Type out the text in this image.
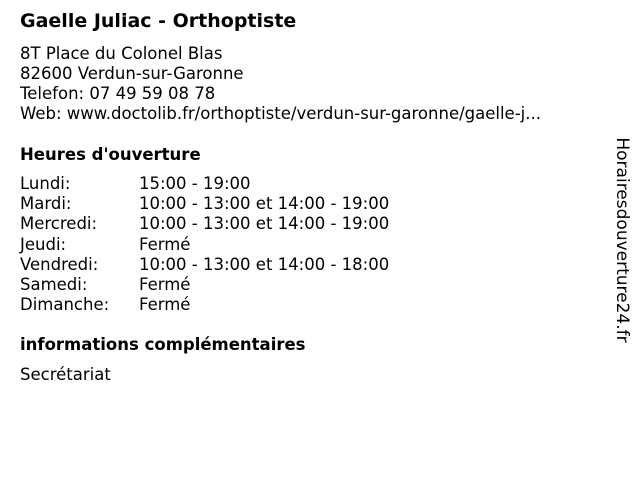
Gaelle Juliac - Orthoptiste
8T Place du Colonel Blas
82600 Verdun-sur-Garonne
Telefon: 07 49 59 08 78
Web: www.doctolib.fr/orthoptiste/verdun-sur-garonne/gaelle-j...
Heures d'ouverture
Lundi:	15:00 - 19:00
Mardi:	10:00 - 13:00 et 14:00 - 19:00
Mercredi:	10:00 - 13:00 et 14:00 - 19:00
Jeudi:	Fermé
Vendredi:	10:00 - 13:00 et 14:00 - 18:00
Samedi:	Fermé
Dimanche:	Fermé
informations complémentaires
Secrétariat
Horairesdouverture24.fr
